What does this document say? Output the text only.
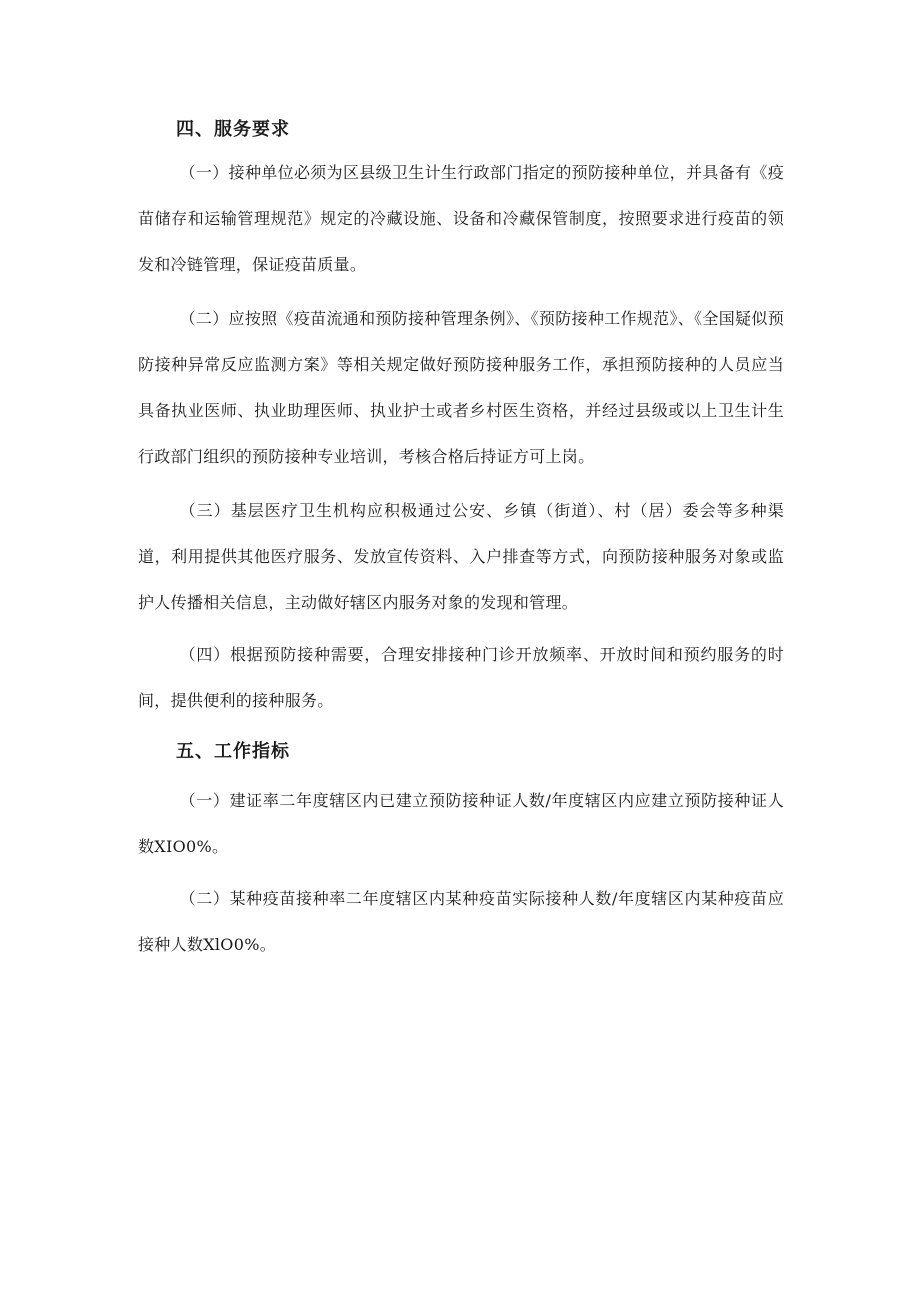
四、服务要求

（一）接种单位必须为区县级卫生计生行政部门指定的预防接种单位，并具备有《疫苗储存和运输管理规范》规定的冷藏设施、设备和冷藏保管制度，按照要求进行疫苗的领发和冷链管理，保证疫苗质量。

（二）应按照《疫苗流通和预防接种管理条例》、《预防接种工作规范》、《全国疑似预防接种异常反应监测方案》等相关规定做好预防接种服务工作，承担预防接种的人员应当具备执业医师、执业助理医师、执业护士或者乡村医生资格，并经过县级或以上卫生计生行政部门组织的预防接种专业培训，考核合格后持证方可上岗。

（三）基层医疗卫生机构应积极通过公安、乡镇（街道）、村（居）委会等多种渠道，利用提供其他医疗服务、发放宣传资料、入户排查等方式，向预防接种服务对象或监护人传播相关信息，主动做好辖区内服务对象的发现和管理。

（四）根据预防接种需要，合理安排接种门诊开放频率、开放时间和预约服务的时间，提供便利的接种服务。

五、工作指标

（一）建证率二年度辖区内已建立预防接种证人数/年度辖区内应建立预防接种证人数XIO0%。

（二）某种疫苗接种率二年度辖区内某种疫苗实际接种人数/年度辖区内某种疫苗应接种人数XlO0%。
